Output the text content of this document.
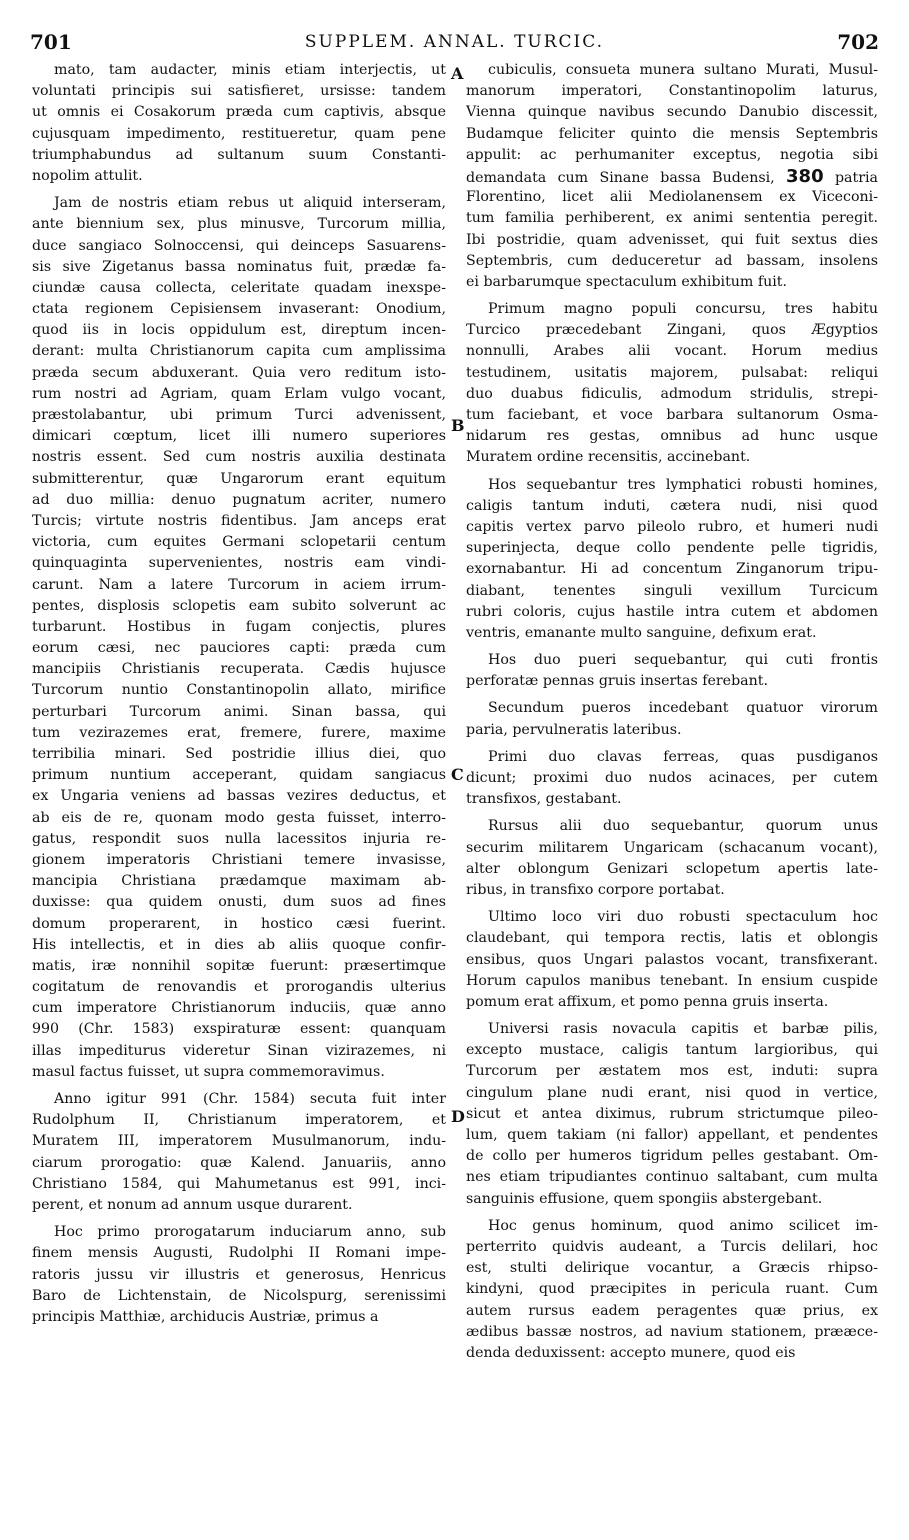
701	SUPPLEM. ANNAL. TURCIC.	702
mato, tam audacter, minis etiam interjectis, ut
voluntati principis sui satisfieret, ursisse: tandem
ut omnis ei Cosakorum præda cum captivis, absque
cujusquam impedimento, restitueretur, quam pene
triumphabundus ad sultanum suum Constanti-
nopolim attulit.
Jam de nostris etiam rebus ut aliquid interseram,
ante biennium sex, plus minusve, Turcorum millia,
duce sangiaco Solnoccensi, qui deinceps Sasuarens-
sis sive Zigetanus bassa nominatus fuit, prædæ fa-
ciundæ causa collecta, celeritate quadam inexspe-
ctata regionem Cepisiensem invaserant: Onodium,
quod iis in locis oppidulum est, direptum incen-
derant: multa Christianorum capita cum amplissima
præda secum abduxerant. Quia vero reditum isto-
rum nostri ad Agriam, quam Erlam vulgo vocant,
præstolabantur, ubi primum Turci advenissent,
dimicari cœptum, licet illi numero superiores
nostris essent. Sed cum nostris auxilia destinata
submitterentur, quæ Ungarorum erant equitum
ad duo millia: denuo pugnatum acriter, numero
Turcis; virtute nostris fidentibus. Jam anceps erat
victoria, cum equites Germani sclopetarii centum
quinquaginta supervenientes, nostris eam vindi-
carunt. Nam a latere Turcorum in aciem irrum-
pentes, displosis sclopetis eam subito solverunt ac
turbarunt. Hostibus in fugam conjectis, plures
eorum cæsi, nec pauciores capti: præda cum
mancipiis Christianis recuperata. Cædis hujusce
Turcorum nuntio Constantinopolin allato, mirifice
perturbari Turcorum animi. Sinan bassa, qui
tum vezirazemes erat, fremere, furere, maxime
terribilia minari. Sed postridie illius diei, quo
primum nuntium acceperant, quidam sangiacus
ex Ungaria veniens ad bassas vezires deductus, et
ab eis de re, quonam modo gesta fuisset, interro-
gatus, respondit suos nulla lacessitos injuria re-
gionem imperatoris Christiani temere invasisse,
mancipia Christiana prædamque maximam ab-
duxisse: qua quidem onusti, dum suos ad fines
domum properarent, in hostico cæsi fuerint.
His intellectis, et in dies ab aliis quoque confir-
matis, iræ nonnihil sopitæ fuerunt: præsertimque
cogitatum de renovandis et prorogandis ulterius
cum imperatore Christianorum induciis, quæ anno
990 (Chr. 1583) exspiraturæ essent: quanquam
illas impediturus videretur Sinan vizirazemes, ni
masul factus fuisset, ut supra commemoravimus.
Anno igitur 991 (Chr. 1584) secuta fuit inter
Rudolphum II, Christianum imperatorem, et
Muratem III, imperatorem Musulmanorum, indu-
ciarum prorogatio: quæ Kalend. Januariis, anno
Christiano 1584, qui Mahumetanus est 991, inci-
perent, et nonum ad annum usque durarent.
Hoc primo prorogatarum induciarum anno, sub
finem mensis Augusti, Rudolphi II Romani impe-
ratoris jussu vir illustris et generosus, Henricus
Baro de Lichtenstain, de Nicolspurg, serenissimi
principis Matthiæ, archiducis Austriæ, primus a
cubiculis, consueta munera sultano Murati, Musul-
manorum imperatori, Constantinopolim laturus,
Vienna quinque navibus secundo Danubio discessit,
Budamque feliciter quinto die mensis Septembris
appulit: ac perhumaniter exceptus, negotia sibi
demandata cum Sinane bassa Budensi, 380 patria
Florentino, licet alii Mediolanensem ex Viceconi-
tum familia perhiberent, ex animi sententia peregit.
Ibi postridie, quam advenisset, qui fuit sextus dies
Septembris, cum deduceretur ad bassam, insolens
ei barbarumque spectaculum exhibitum fuit.
Primum magno populi concursu, tres habitu
Turcico præcedebant Zingani, quos Ægyptios
nonnulli, Arabes alii vocant. Horum medius
testudinem, usitatis majorem, pulsabat: reliqui
duo duabus fidiculis, admodum stridulis, strepi-
tum faciebant, et voce barbara sultanorum Osma-
nidarum res gestas, omnibus ad hunc usque
Muratem ordine recensitis, accinebant.
Hos sequebantur tres lymphatici robusti homines,
caligis tantum induti, cætera nudi, nisi quod
capitis vertex parvo pileolo rubro, et humeri nudi
superinjecta, deque collo pendente pelle tigridis,
exornabantur. Hi ad concentum Zinganorum tripu-
diabant, tenentes singuli vexillum Turcicum
rubri coloris, cujus hastile intra cutem et abdomen
ventris, emanante multo sanguine, defixum erat.
Hos duo pueri sequebantur, qui cuti frontis
perforatæ pennas gruis insertas ferebant.
Secundum pueros incedebant quatuor virorum
paria, pervulneratis lateribus.
Primi duo clavas ferreas, quas pusdiganos
dicunt; proximi duo nudos acinaces, per cutem
transfixos, gestabant.
Rursus alii duo sequebantur, quorum unus
securim militarem Ungaricam (schacanum vocant),
alter oblongum Genizari sclopetum apertis late-
ribus, in transfixo corpore portabat.
Ultimo loco viri duo robusti spectaculum hoc
claudebant, qui tempora rectis, latis et oblongis
ensibus, quos Ungari palastos vocant, transfixerant.
Horum capulos manibus tenebant. In ensium cuspide
pomum erat affixum, et pomo penna gruis inserta.
Universi rasis novacula capitis et barbæ pilis,
excepto mustace, caligis tantum largioribus, qui
Turcorum per æstatem mos est, induti: supra
cingulum plane nudi erant, nisi quod in vertice,
sicut et antea diximus, rubrum strictumque pileo-
lum, quem takiam (ni fallor) appellant, et pendentes
de collo per humeros tigridum pelles gestabant. Om-
nes etiam tripudiantes continuo saltabant, cum multa
sanguinis effusione, quem spongiis abstergebant.
Hoc genus hominum, quod animo scilicet im-
perterrito quidvis audeant, a Turcis delilari, hoc
est, stulti delirique vocantur, a Græcis rhipso-
kindyni, quod præcipites in pericula ruant. Cum
autem rursus eadem peragentes quæ prius, ex
ædibus bassæ nostros, ad navium stationem, prææce-
denda deduxissent: accepto munere, quod eis
A
B
C
D
